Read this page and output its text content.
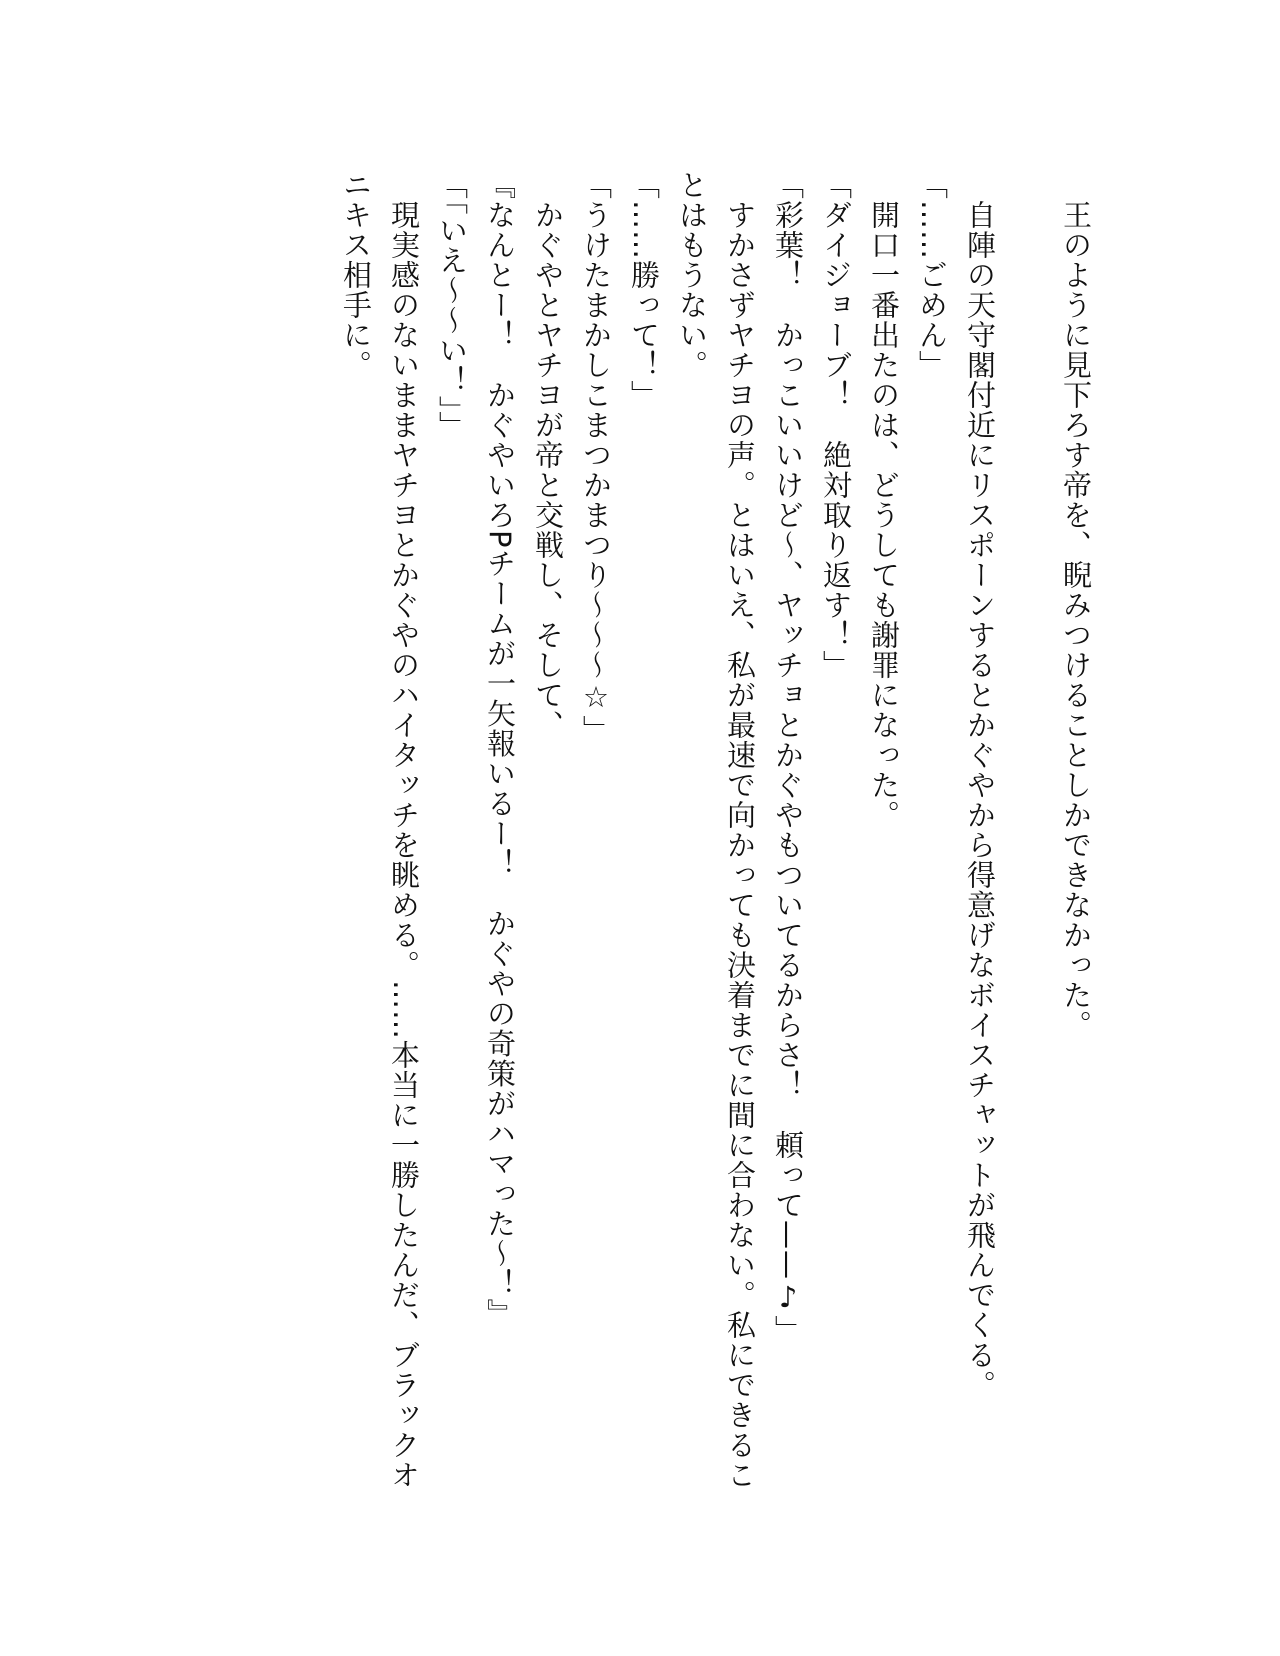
　王のように見下ろす帝を、睨みつけることしかできなかった。

　自陣の天守閣付近にリスポーンするとかぐやから得意げなボイスチャットが飛んでくる。

「……ごめん」

　開口一番出たのは、どうしても謝罪になった。

「ダイジョーブ！　絶対取り返す！」

「彩葉！　かっこいいけど〜、ヤッチョとかぐやもついてるからさ！　頼って——♪」

　すかさずヤチヨの声。とはいえ、私が最速で向かっても決着までに間に合わない。私にできるこ

とはもうない。

「……勝って！」

「うけたまかしこまつかまつり〜〜〜☆」

　かぐやとヤチヨが帝と交戦し、そして、

『なんとー！　かぐやいろPチームが一矢報いるー！　かぐやの奇策がハマった〜！』

「「いえ〜〜い！」」

　現実感のないままヤチヨとかぐやのハイタッチを眺める。……本当に一勝したんだ、ブラックオ

ニキス相手に。
